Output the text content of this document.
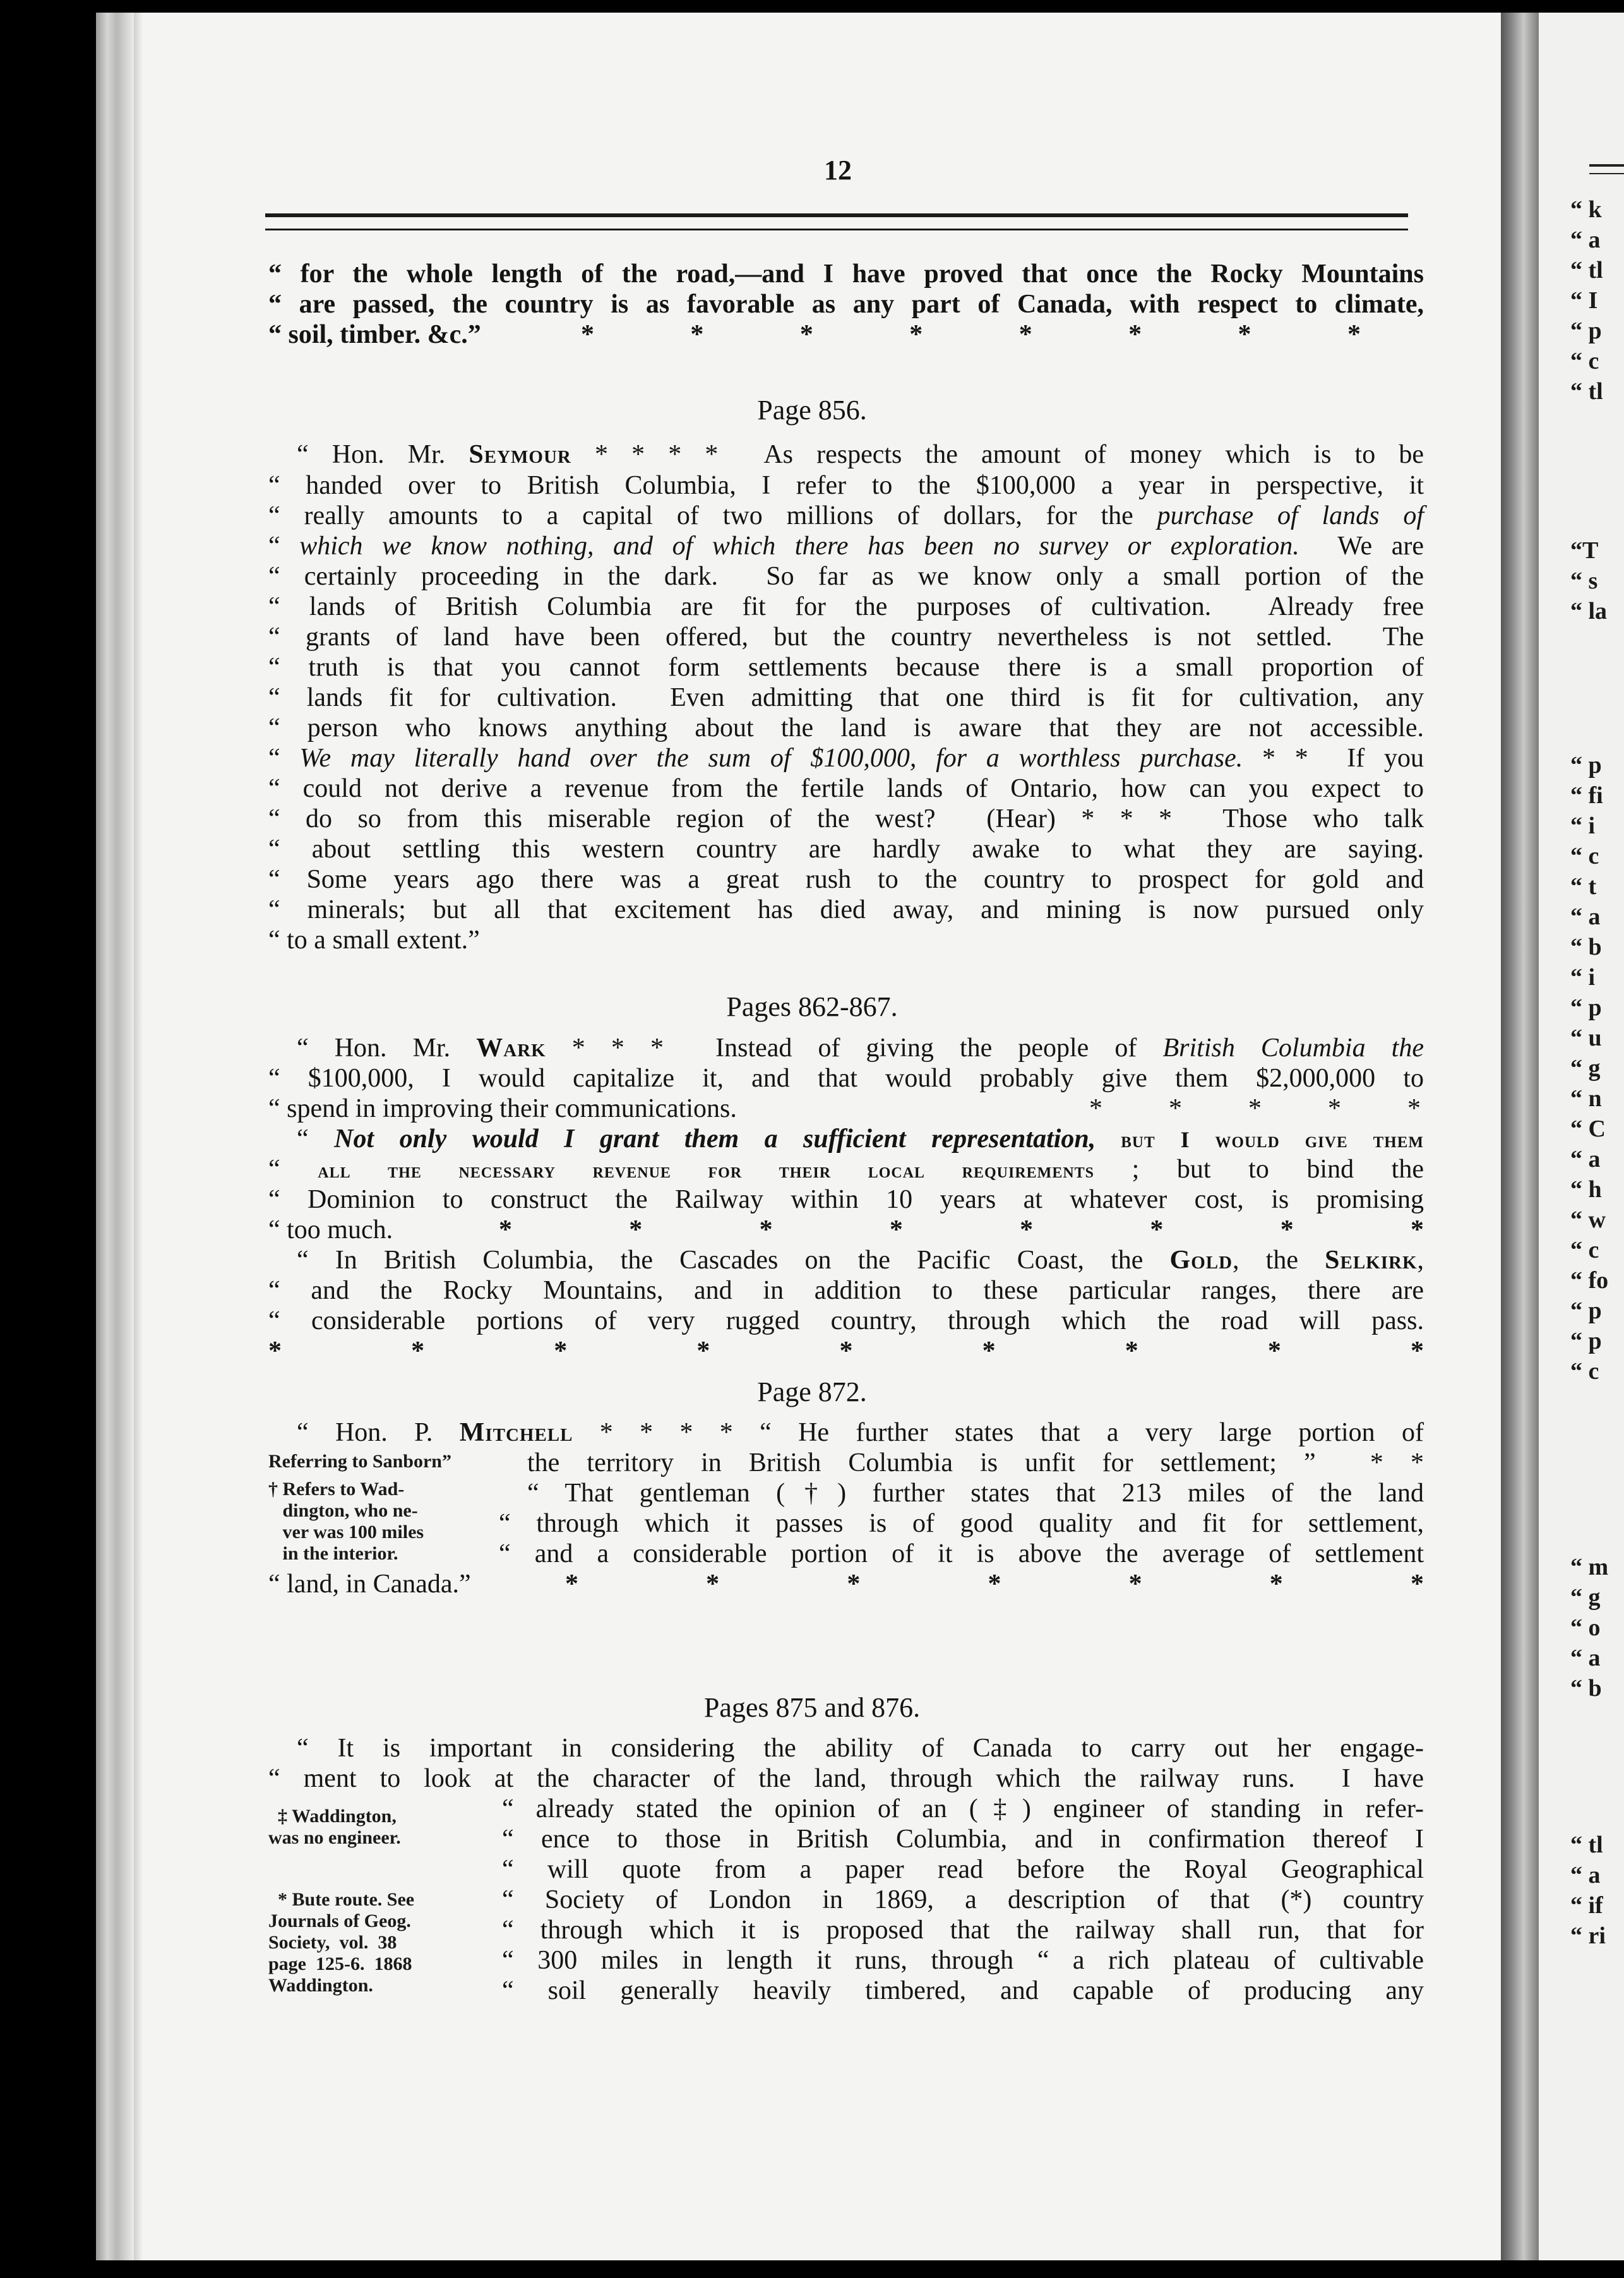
“ k
“ a
“ tl
“ I
“ p
“ c
“ tl
“T
“ s
“ la
“ p
“ fi
“ i
“ c
“ t
“ a
“ b
“ i
“ p
“ u
“ g
“ n
“ C
“ a
“ h
“ w
“ c
“ fo
“ p
“ p
“ c
“ m
“ g
“ o
“ a
“ b
“ tl
“ a
“ if
“ ri
12
“ for the whole length of the road,—and I have proved that once the Rocky Mountains
“ are passed, the country is as favorable as any part of Canada, with respect to climate,
“ soil, timber. &c.”	*	*	*	*	*	*	*	*
Page 856.
“ Hon. Mr. Seymour * * * *  As respects the amount of money which is to be
“ handed over to British Columbia, I refer to the $100,000 a year in perspective, it
“ really amounts to a capital of two millions of dollars, for the purchase of lands of
“ which we know nothing, and of which there has been no survey or exploration.  We are
“ certainly proceeding in the dark.  So far as we know only a small portion of the
“ lands of British Columbia are fit for the purposes of cultivation.  Already free
“ grants of land have been offered, but the country nevertheless is not settled.  The
“ truth is that you cannot form settlements because there is a small proportion of
“ lands fit for cultivation.  Even admitting that one third is fit for cultivation, any
“ person who knows anything about the land is aware that they are not accessible.
“ We may literally hand over the sum of $100,000, for a worthless purchase. * *  If you
“ could not derive a revenue from the fertile lands of Ontario, how can you expect to
“ do so from this miserable region of the west?  (Hear) * * *  Those who talk
“ about settling this western country are hardly awake to what they are saying.
“ Some years ago there was a great rush to the country to prospect for gold and
“ minerals; but all that excitement has died away, and mining is now pursued only
“ to a small extent.”
Pages 862-867.
“ Hon. Mr. Wark * * *  Instead of giving the people of British Columbia the
“ $100,000, I would capitalize it, and that would probably give them $2,000,000 to
“ spend in improving their communications.	*          *          *          *          *
“ Not only would I grant them a sufficient representation, but I would give them
“ all the necessary revenue for their local requirements ; but to bind the
“ Dominion to construct the Railway within 10 years at whatever cost, is promising
“ too much.	*	*	*	*	*	*	*	*
“ In British Columbia, the Cascades on the Pacific Coast, the Gold, the Selkirk,
“ and the Rocky Mountains, and in addition to these particular ranges, there are
“ considerable portions of very rugged country, through which the road will pass.
*	*	*	*	*	*	*	*	*
Page 872.
“ Hon. P. Mitchell * * * * “ He further states that a very large portion of
Referring to Sanborn”	the territory in British Columbia is unfit for settlement; ”  * *
† Refers to Wad-
dington, who ne-
ver was 100 miles
in the interior.
“ That gentleman (†) further states that 213 miles of the land
“ through which it passes is of good quality and fit for settlement,
“ and a considerable portion of it is above the average of settlement
“ land, in Canada.”	*	*	*	*	*	*	*
Pages 875 and 876.
“ It is important in considering the ability of Canada to carry out her engage-
“ ment to look at the character of the land, through which the railway runs.  I have
‡ Waddington,
was no engineer.
“ already stated the opinion of an (‡) engineer of standing in refer-
“ ence to those in British Columbia, and in confirmation thereof I
“ will quote from a paper read before the Royal Geographical
* Bute route. See
Journals of Geog.
Society,  vol.  38
page  125-6.  1868
Waddington.
“ Society of London in 1869, a description of that (*) country
“ through which it is proposed that the railway shall run, that for
“ 300 miles in length it runs, through “ a rich plateau of cultivable
“ soil generally heavily timbered, and capable of producing any
